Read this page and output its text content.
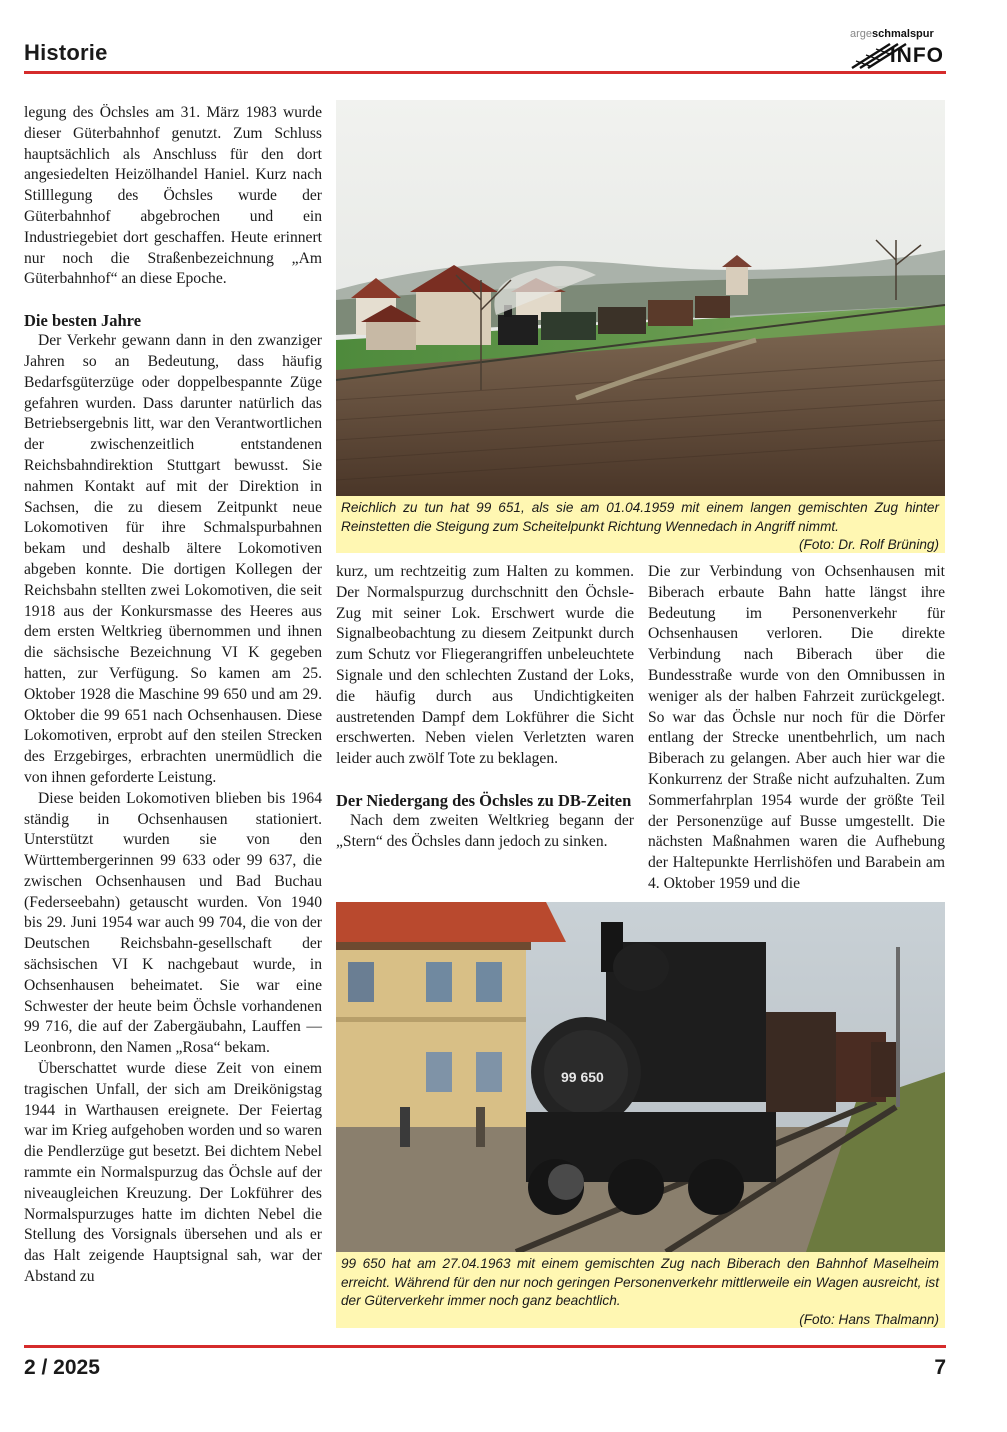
Historie
argeschmalspur
INFO

legung des Öchsles am 31. März 1983 wurde dieser Güterbahnhof genutzt. Zum Schluss hauptsächlich als Anschluss für den dort angesiedelten Heizölhandel Haniel. Kurz nach Stilllegung des Öchsles wurde der Güterbahnhof abgebrochen und ein Industriegebiet dort geschaffen. Heute erinnert nur noch die Straßenbezeichnung „Am Güterbahnhof“ an diese Epoche.

Die besten Jahre

Der Verkehr gewann dann in den zwanziger Jahren so an Bedeutung, dass häufig Bedarfsgüterzüge oder doppelbespannte Züge gefahren wurden. Dass darunter natürlich das Betriebsergebnis litt, war den Verantwortlichen der zwischenzeitlich entstandenen Reichsbahndirektion Stuttgart bewusst. Sie nahmen Kontakt auf mit der Direktion in Sachsen, die zu diesem Zeitpunkt neue Lokomotiven für ihre Schmalspurbahnen bekam und deshalb ältere Lokomotiven abgeben konnte. Die dortigen Kollegen der Reichsbahn stellten zwei Lokomotiven, die seit 1918 aus der Konkursmasse des Heeres aus dem ersten Weltkrieg übernommen und ihnen die sächsische Bezeichnung VI K gegeben hatten, zur Verfügung. So kamen am 25. Oktober 1928 die Maschine 99 650 und am 29. Oktober die 99 651 nach Ochsenhausen. Diese Lokomotiven, erprobt auf den steilen Strecken des Erzgebirges, erbrachten unermüdlich die von ihnen geforderte Leistung.

Diese beiden Lokomotiven blieben bis 1964 ständig in Ochsenhausen stationiert. Unterstützt wurden sie von den Württembergerinnen 99 633 oder 99 637, die zwischen Ochsenhausen und Bad Buchau (Federseebahn) getauscht wurden. Von 1940 bis 29. Juni 1954 war auch 99 704, die von der Deutschen Reichsbahn-gesellschaft der sächsischen VI K nachgebaut wurde, in Ochsenhausen beheimatet. Sie war eine Schwester der heute beim Öchsle vorhandenen 99 716, die auf der Zabergäubahn, Lauffen —Leonbronn, den Namen „Rosa“ bekam.

Überschattet wurde diese Zeit von einem tragischen Unfall, der sich am Dreikönigstag 1944 in Warthausen ereignete. Der Feiertag war im Krieg aufgehoben worden und so waren die Pendlerzüge gut besetzt. Bei dichtem Nebel rammte ein Normalspurzug das Öchsle auf der niveaugleichen Kreuzung. Der Lokführer des Normalspurzuges hatte im dichten Nebel die Stellung des Vorsignals übersehen und als er das Halt zeigende Hauptsignal sah, war der Abstand zu

Reichlich zu tun hat 99 651, als sie am 01.04.1959 mit einem langen gemischten Zug hinter Reinstetten die Steigung zum Scheitelpunkt Richtung Wennedach in Angriff nimmt.
(Foto: Dr. Rolf Brüning)

kurz, um rechtzeitig zum Halten zu kommen. Der Normalspurzug durchschnitt den Öchsle-Zug mit seiner Lok. Erschwert wurde die Signalbeobachtung zu diesem Zeitpunkt durch zum Schutz vor Fliegerangriffen unbeleuchtete Signale und den schlechten Zustand der Loks, die häufig durch aus Undichtigkeiten austretenden Dampf dem Lokführer die Sicht erschwerten. Neben vielen Verletzten waren leider auch zwölf Tote zu beklagen.

Der Niedergang des Öchsles zu DB-Zeiten

Nach dem zweiten Weltkrieg begann der „Stern“ des Öchsles dann jedoch zu sinken.

Die zur Verbindung von Ochsenhausen mit Biberach erbaute Bahn hatte längst ihre Bedeutung im Personenverkehr für Ochsenhausen verloren. Die direkte Verbindung nach Biberach über die Bundesstraße wurde von den Omnibussen in weniger als der halben Fahrzeit zurückgelegt. So war das Öchsle nur noch für die Dörfer entlang der Strecke unentbehrlich, um nach Biberach zu gelangen. Aber auch hier war die Konkurrenz der Straße nicht aufzuhalten. Zum Sommerfahrplan 1954 wurde der größte Teil der Personenzüge auf Busse umgestellt. Die nächsten Maßnahmen waren die Aufhebung der Haltepunkte Herrlishöfen und Barabein am 4. Oktober 1959 und die

99 650
99 650 hat am 27.04.1963 mit einem gemischten Zug nach Biberach den Bahnhof Maselheim erreicht. Während für den nur noch geringen Personenverkehr mittlerweile ein Wagen ausreicht, ist der Güterverkehr immer noch ganz beachtlich.
(Foto: Hans Thalmann)
2 / 2025	7
